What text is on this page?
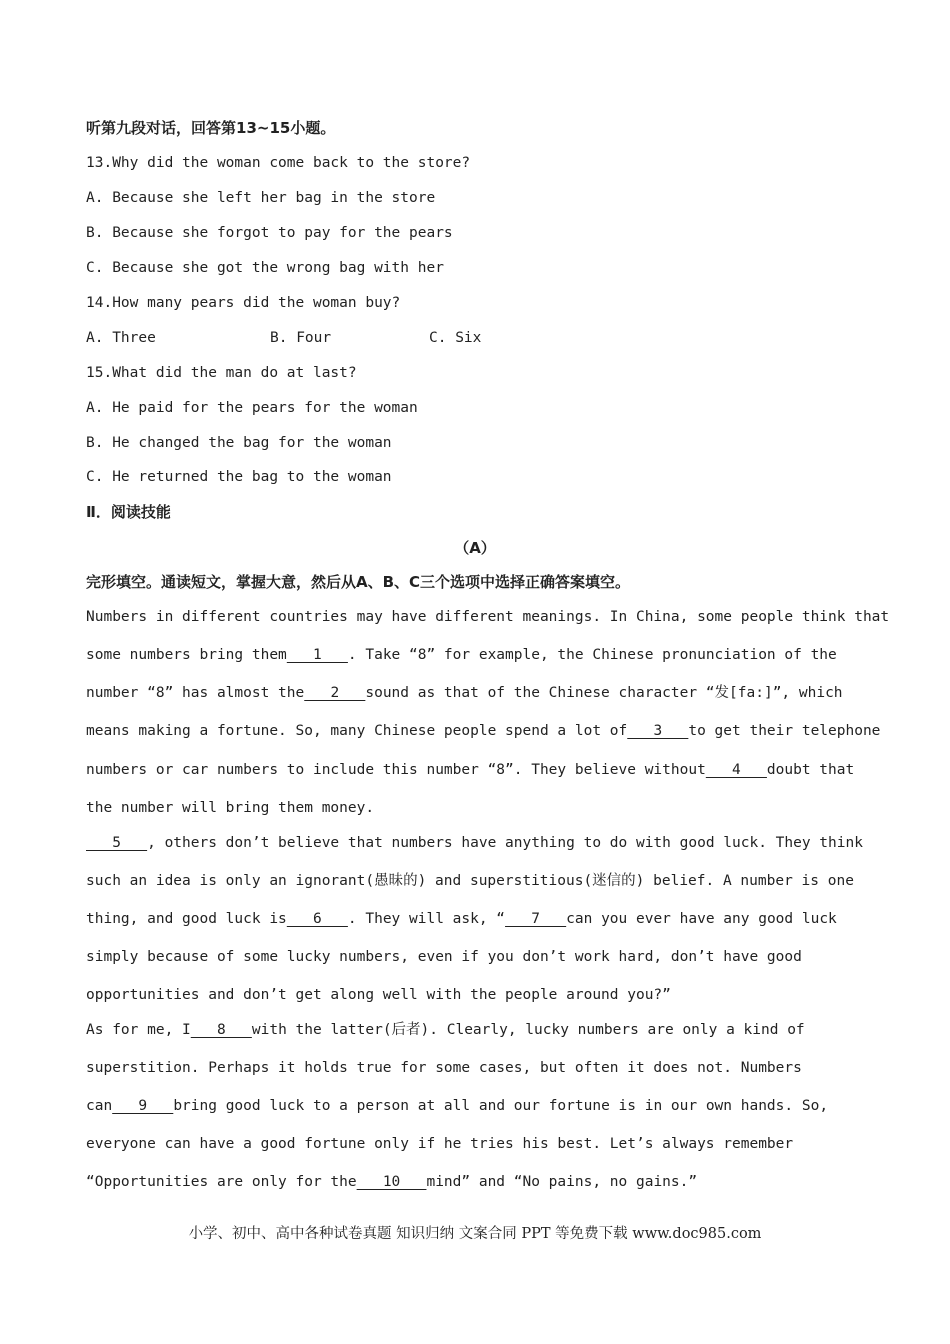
听第九段对话，回答第13~15小题。
13.Why did the woman come back to the store?
A. Because she left her bag in the store
B. Because she forgot to pay for the pears
C. Because she got the wrong bag with her
14.How many pears did the woman buy?
A. Three	B. Four	C. Six
15.What did the man do at last?
A. He paid for the pears for the woman
B. He changed the bag for the woman
C. He returned the bag to the woman
Ⅱ．阅读技能
（A）
完形填空。通读短文，掌握大意，然后从A、B、C三个选项中选择正确答案填空。
Numbers in different countries may have different meanings. In China, some people think that
some numbers bring them   1   . Take “8” for example, the Chinese pronunciation of the
number “8” has almost the   2   sound as that of the Chinese character “发[fa:]”, which
means making a fortune. So, many Chinese people spend a lot of   3   to get their telephone
numbers or car numbers to include this number “8”. They believe without   4   doubt that
the number will bring them money.
5   , others don’t believe that numbers have anything to do with good luck. They think
such an idea is only an ignorant(愚昧的) and superstitious(迷信的) belief. A number is one
thing, and good luck is   6   . They will ask, “   7   can you ever have any good luck
simply because of some lucky numbers, even if you don’t work hard, don’t have good
opportunities and don’t get along well with the people around you?”
As for me, I   8   with the latter(后者). Clearly, lucky numbers are only a kind of
superstition. Perhaps it holds true for some cases, but often it does not. Numbers
can   9   bring good luck to a person at all and our fortune is in our own hands. So,
everyone can have a good fortune only if he tries his best. Let’s always remember
“Opportunities are only for the   10   mind” and “No pains, no gains.”
小学、初中、高中各种试卷真题 知识归纳 文案合同 PPT 等免费下载 www.doc985.com
